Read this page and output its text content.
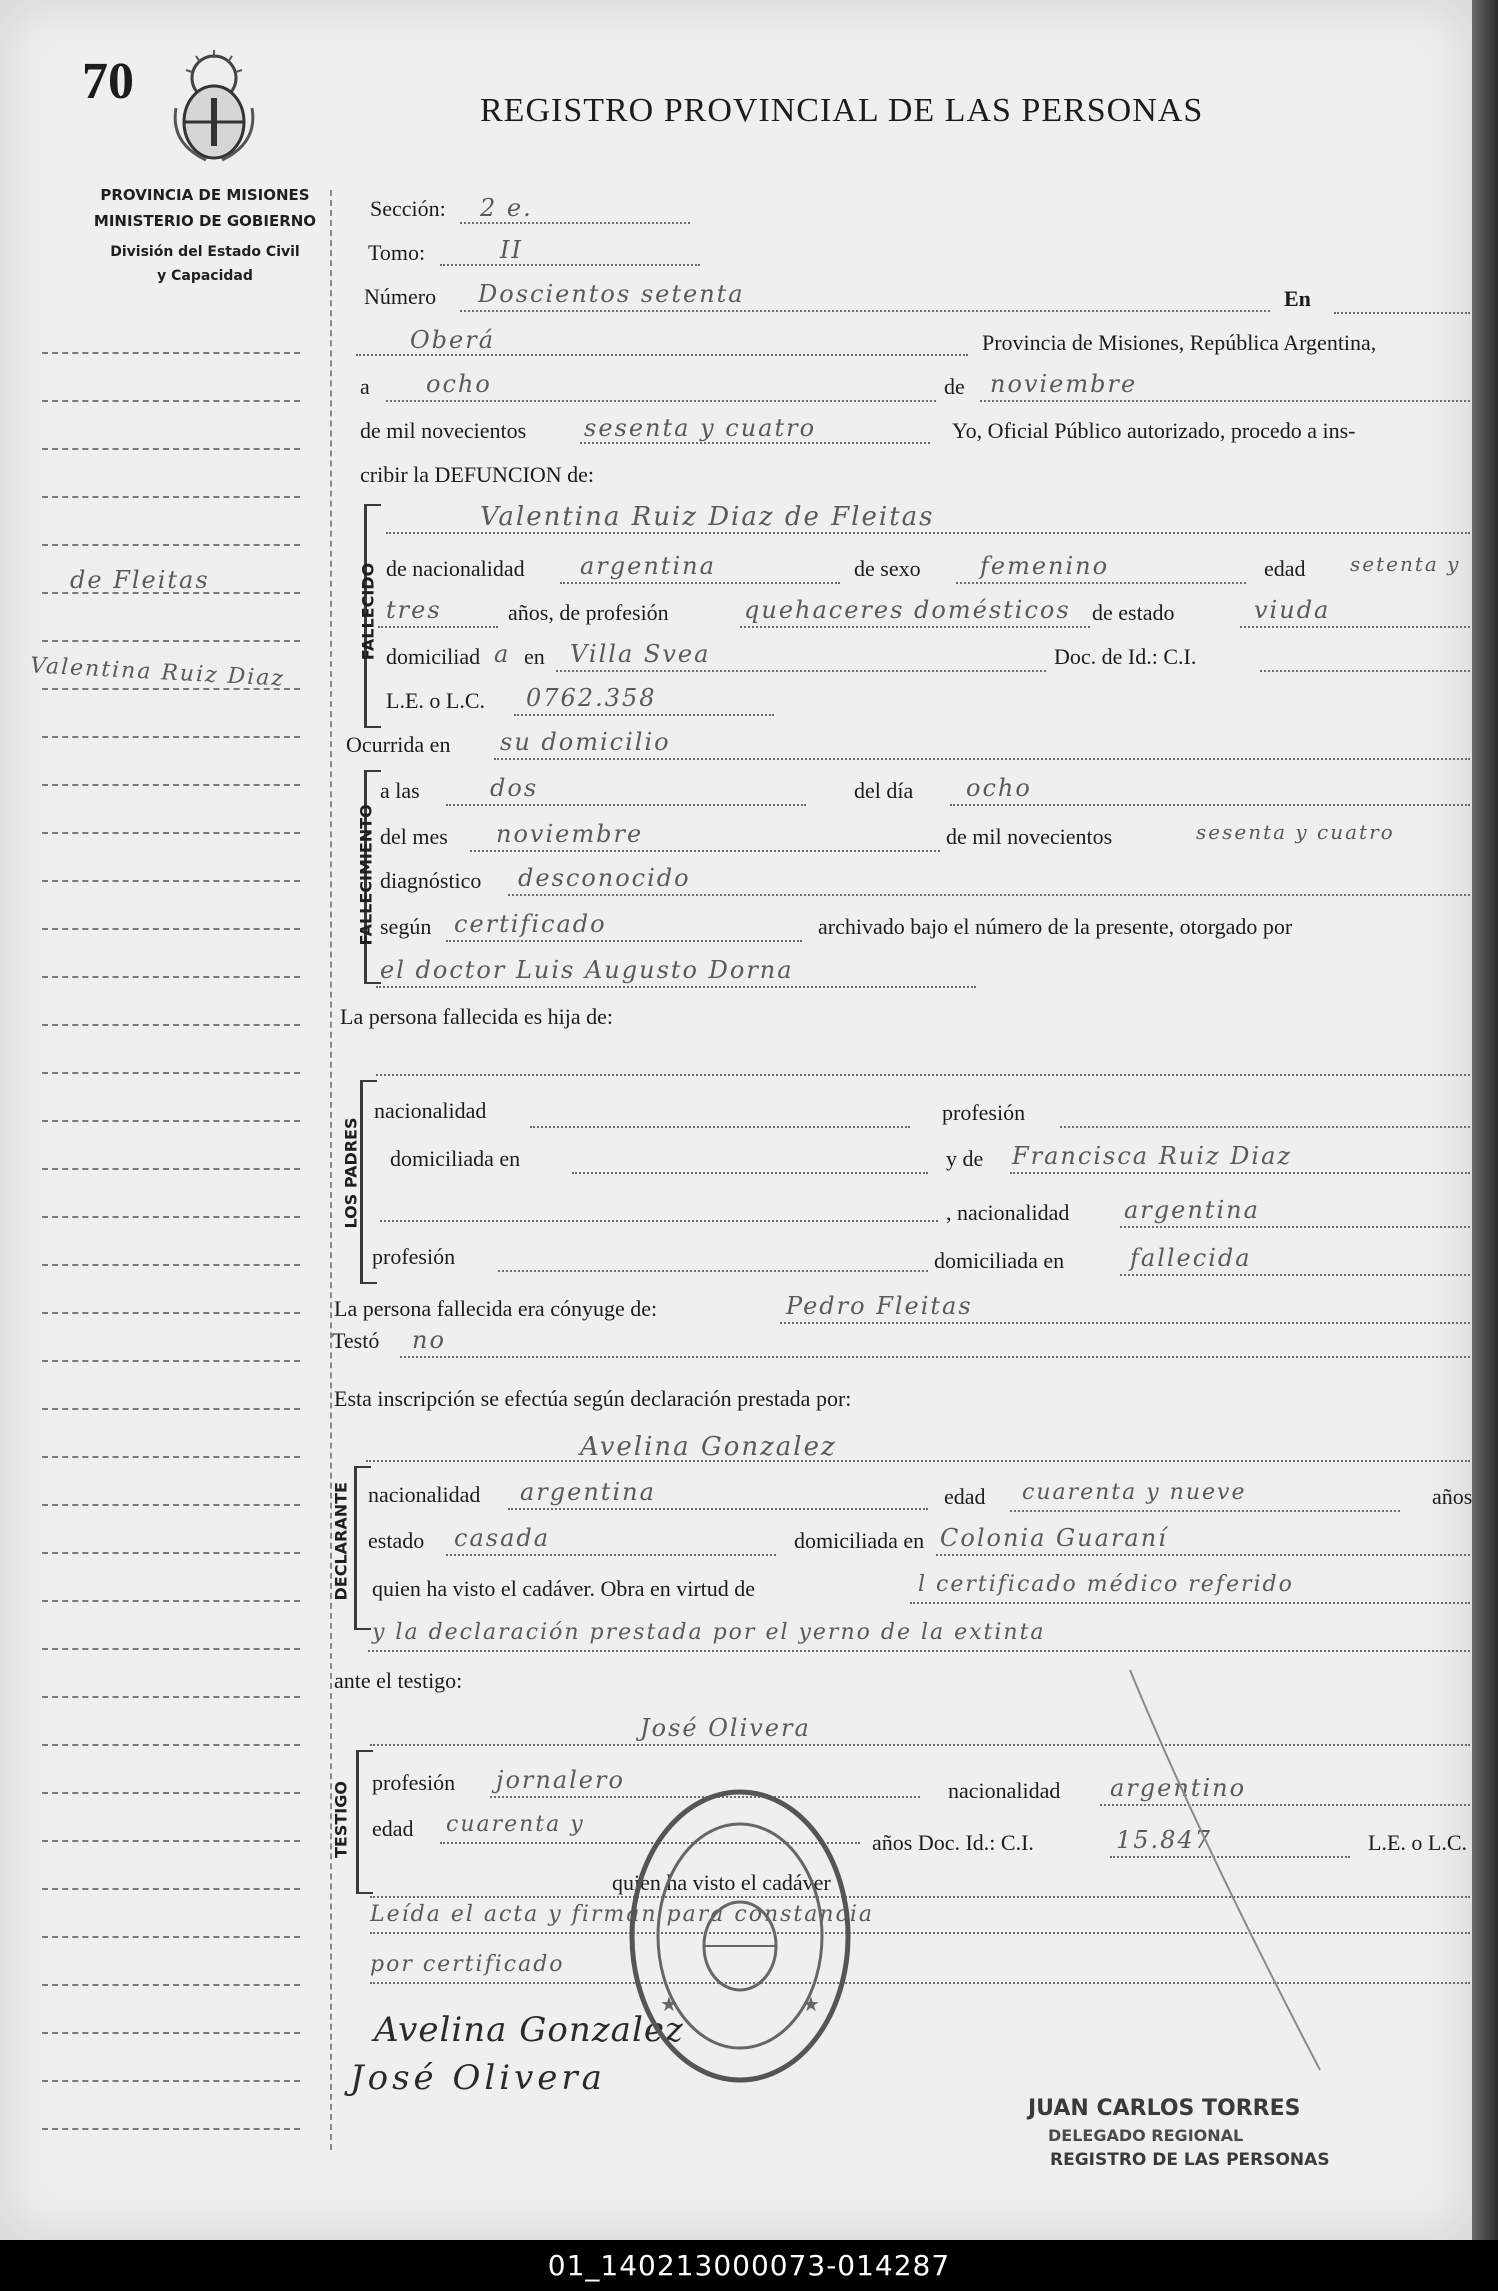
70
REGISTRO PROVINCIAL DE LAS PERSONAS
PROVINCIA DE MISIONES
MINISTERIO DE GOBIERNO
División del Estado Civil
y Capacidad
de Fleitas
Valentina Ruiz Diaz
Sección: 2 e.
Tomo:	II
Número Doscientos setenta	En
Oberá	Provincia de Misiones, República Argentina,
a ocho	de noviembre
de mil novecientos sesenta y cuatro	Yo, Oficial Público autorizado, procedo a ins-
cribir la DEFUNCION de:
FALLECIDO
Valentina Ruiz Diaz de Fleitas
de nacionalidad argentina	de sexo femenino	edad setenta y
tres	años, de profesión	quehaceres domésticos de estado	viuda
domiciliad a en Villa Svea	Doc. de Id.: C.I.
L.E. o L.C. 0762.358
Ocurrida en su domicilio
FALLECIMIENTO
a las	dos	del día ocho
del mes noviembre	de mil novecientos	sesenta y cuatro
diagnóstico desconocido
según certificado	archivado bajo el número de la presente, otorgado por
el doctor Luis Augusto Dorna
La persona fallecida es hija de:
LOS PADRES
nacionalidad	profesión
domiciliada en	y de Francisca Ruiz Diaz
, nacionalidad argentina
profesión	domiciliada en	fallecida
La persona fallecida era cónyuge de:	Pedro Fleitas
Testó no
Esta inscripción se efectúa según declaración prestada por:
Avelina Gonzalez
DECLARANTE nacionalidad argentina	edad cuarenta y nueve	años
estado casada	domiciliada en Colonia Guaraní
quien ha visto el cadáver. Obra en virtud de	l certificado médico referido
y la declaración prestada por el yerno de la extinta
ante el testigo:
José Olivera
TESTIGO profesión jornalero	nacionalidad argentino
edad cuarenta y
años Doc. Id.: C.I.	15.847	L.E. o L.C.
quien ha visto el cadáver
Leída el acta y firman para constancia
por certificado
Avelina Gonzalez
José Olivera
★	★
JUAN CARLOS TORRES
DELEGADO REGIONAL
REGISTRO DE LAS PERSONAS
01_140213000073-014287
